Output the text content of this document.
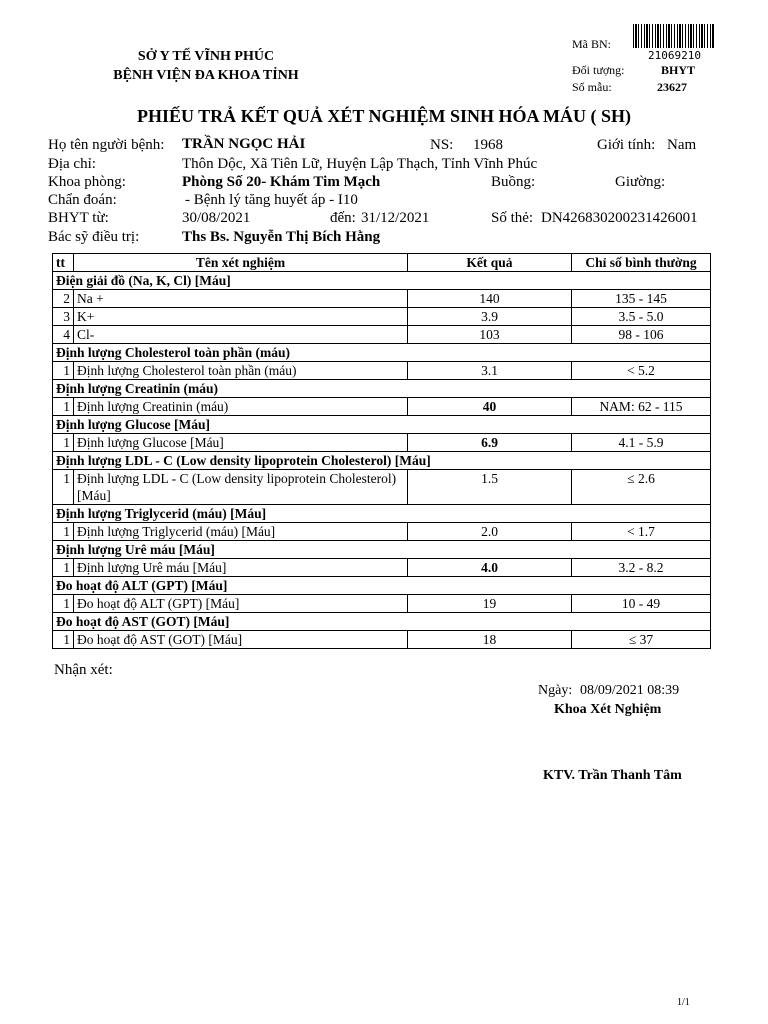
SỞ Y TẾ VĨNH PHÚC
BỆNH VIỆN ĐA KHOA TỈNH
Mã BN:
21069210
Đối tượng:	BHYT
Số mẫu:	23627
PHIẾU TRẢ KẾT QUẢ XÉT NGHIỆM SINH HÓA MÁU ( SH)
Họ tên người bệnh: TRẦN NGỌC HẢI	NS: 1968	Giới tính: Nam
Địa chỉ:	Thôn Dộc, Xã Tiên Lữ, Huyện Lập Thạch, Tỉnh Vĩnh Phúc
Khoa phòng:	Phòng Số 20- Khám Tim Mạch	Buồng:	Giường:
Chẩn đoán:	- Bệnh lý tăng huyết áp - I10
BHYT từ:	30/08/2021	đến: 31/12/2021	Số thẻ: DN426830200231426001
Bác sỹ điều trị:	Ths Bs. Nguyễn Thị Bích Hằng
tt	Tên xét nghiệm	Kết quả	Chỉ số bình thường
Điện giải đồ (Na, K, Cl) [Máu]			
2	Na +	140	135 - 145
3	K+	3.9	3.5 - 5.0
4	Cl-	103	98 - 106
Định lượng Cholesterol toàn phần (máu)			
1	Định lượng Cholesterol toàn phần (máu)	3.1	< 5.2
Định lượng Creatinin (máu)			
1	Định lượng Creatinin (máu)	40	NAM: 62 - 115
Định lượng Glucose [Máu]			
1	Định lượng Glucose [Máu]	6.9	4.1 - 5.9
Định lượng LDL - C (Low density lipoprotein Cholesterol) [Máu]			
1	Định lượng LDL - C (Low density lipoprotein Cholesterol) [Máu]	1.5	≤ 2.6
Định lượng Triglycerid (máu) [Máu]			
1	Định lượng Triglycerid (máu) [Máu]	2.0	< 1.7
Định lượng Urê máu [Máu]			
1	Định lượng Urê máu [Máu]	4.0	3.2 - 8.2
Đo hoạt độ ALT (GPT) [Máu]			
1	Đo hoạt độ ALT (GPT) [Máu]	19	10 - 49
Đo hoạt độ AST (GOT) [Máu]			
1	Đo hoạt độ AST (GOT) [Máu]	18	≤ 37
Nhận xét:
Ngày: 08/09/2021 08:39
Khoa Xét Nghiệm
KTV. Trần Thanh Tâm
1/1
